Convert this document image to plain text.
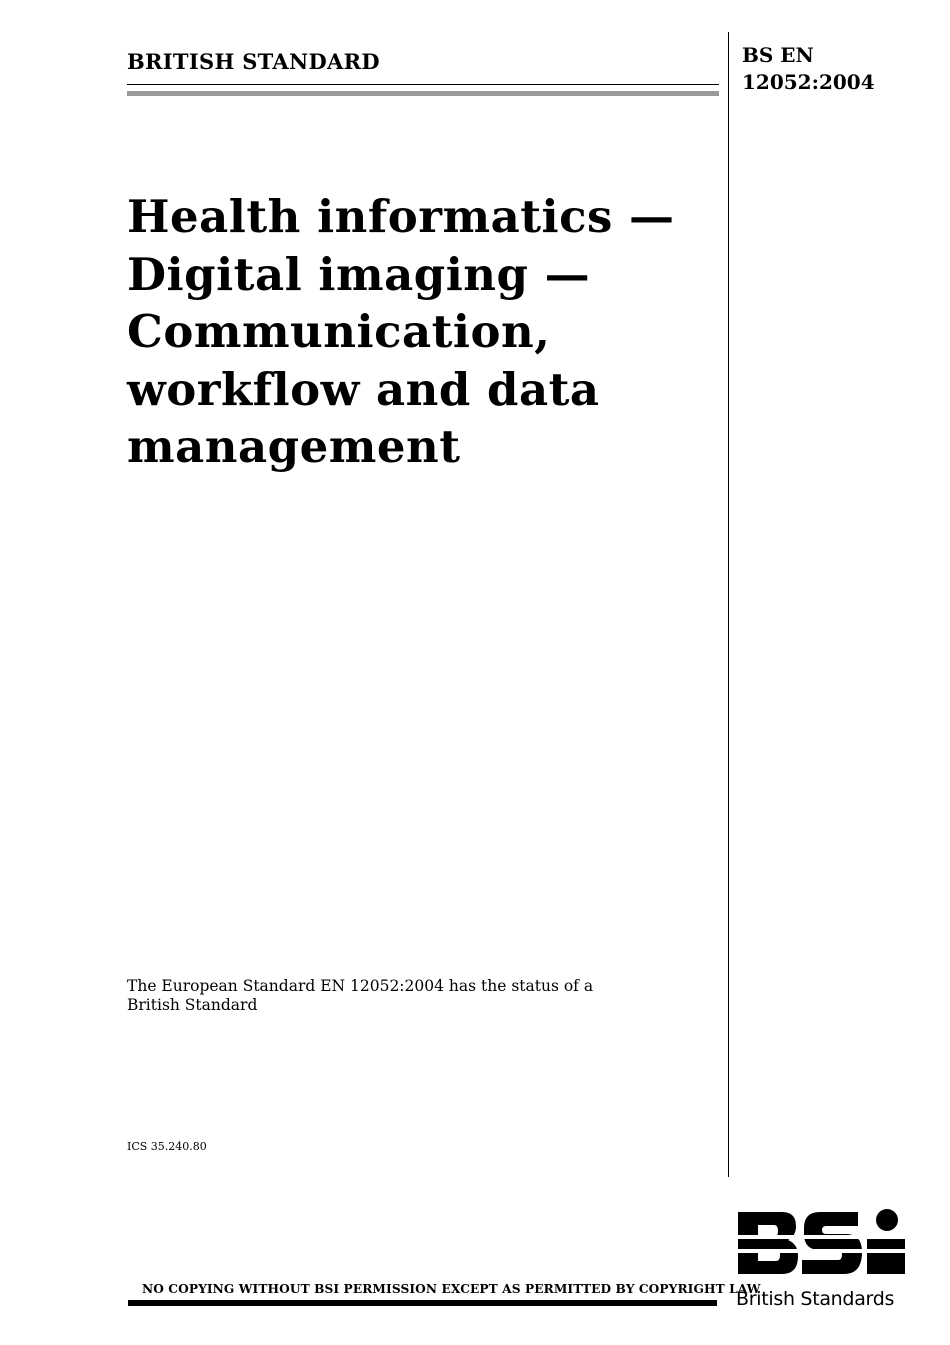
BRITISH STANDARD	BS EN
12052:2004
Health informatics —
Digital imaging —
Communication,
workflow and data
management
The European Standard EN 12052:2004 has the status of a
British Standard
ICS 35.240.80
NO COPYING WITHOUT BSI PERMISSION EXCEPT AS PERMITTED BY COPYRIGHT LAW
British Standards
